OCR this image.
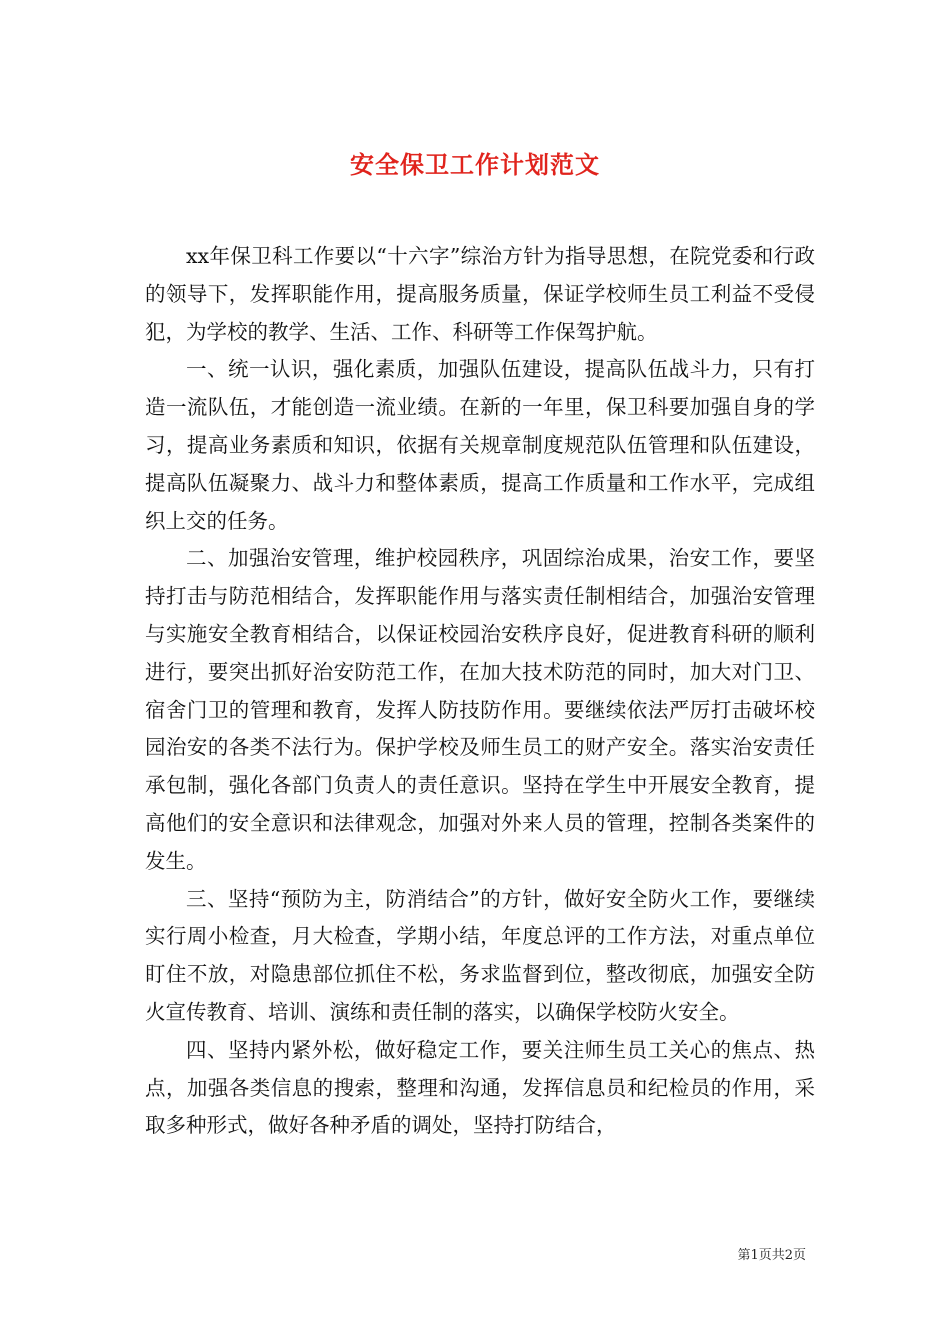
安全保卫工作计划范文

xx年保卫科工作要以“十六字”综治方针为指导思想，在院党委和行政的领导下，发挥职能作用，提高服务质量，保证学校师生员工利益不受侵犯，为学校的教学、生活、工作、科研等工作保驾护航。

一、统一认识，强化素质，加强队伍建设，提高队伍战斗力，只有打造一流队伍，才能创造一流业绩。在新的一年里，保卫科要加强自身的学习，提高业务素质和知识，依据有关规章制度规范队伍管理和队伍建设，提高队伍凝聚力、战斗力和整体素质，提高工作质量和工作水平，完成组织上交的任务。

二、加强治安管理，维护校园秩序，巩固综治成果，治安工作，要坚持打击与防范相结合，发挥职能作用与落实责任制相结合，加强治安管理与实施安全教育相结合，以保证校园治安秩序良好，促进教育科研的顺利进行，要突出抓好治安防范工作，在加大技术防范的同时，加大对门卫、宿舍门卫的管理和教育，发挥人防技防作用。要继续依法严厉打击破坏校园治安的各类不法行为。保护学校及师生员工的财产安全。落实治安责任承包制，强化各部门负责人的责任意识。坚持在学生中开展安全教育，提高他们的安全意识和法律观念，加强对外来人员的管理，控制各类案件的发生。

三、坚持“预防为主，防消结合”的方针，做好安全防火工作，要继续实行周小检查，月大检查，学期小结，年度总评的工作方法，对重点单位盯住不放，对隐患部位抓住不松，务求监督到位，整改彻底，加强安全防火宣传教育、培训、演练和责任制的落实，以确保学校防火安全。

四、坚持内紧外松，做好稳定工作，要关注师生员工关心的焦点、热点，加强各类信息的搜索，整理和沟通，发挥信息员和纪检员的作用，采取多种形式，做好各种矛盾的调处，坚持打防结合，

第1页共2页
